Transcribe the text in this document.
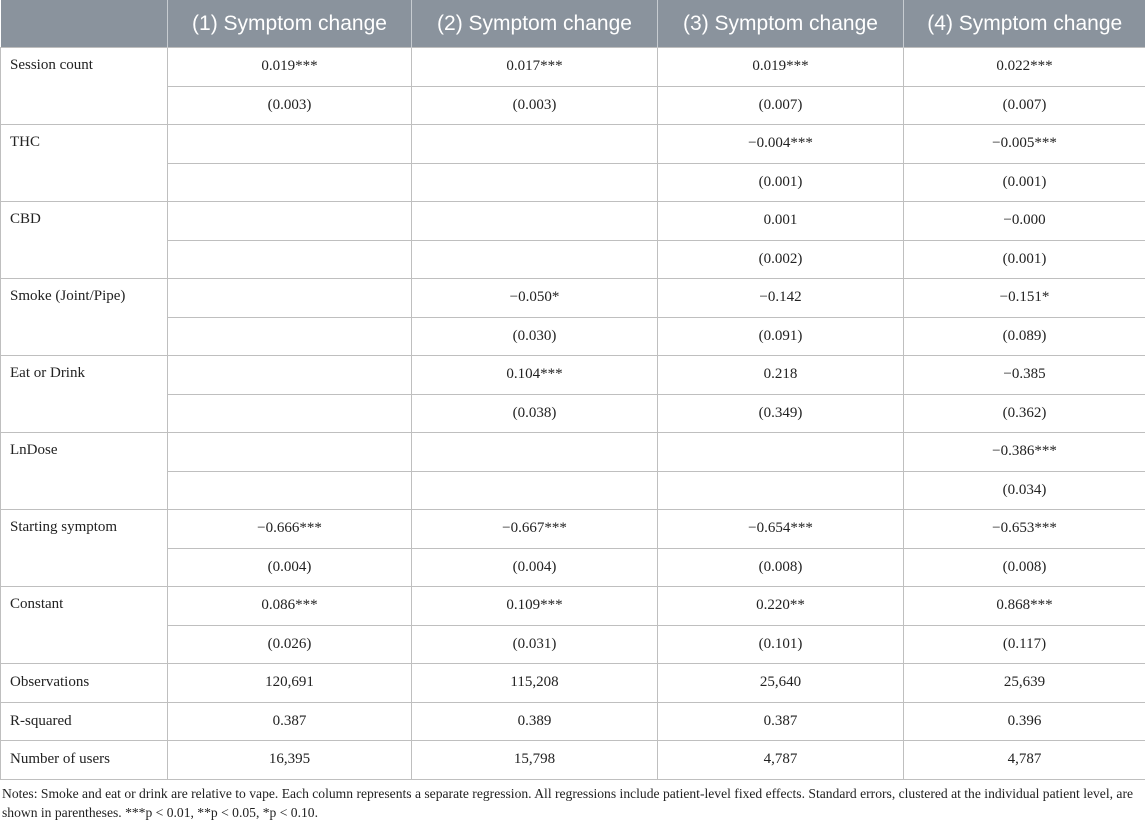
	(1) Symptom change	(2) Symptom change	(3) Symptom change	(4) Symptom change
Session count	0.019***	0.017***	0.019***	0.022***
	(0.003)	(0.003)	(0.007)	(0.007)
THC			−0.004***	−0.005***
			(0.001)	(0.001)
CBD			0.001	−0.000
			(0.002)	(0.001)
Smoke (Joint/Pipe)		−0.050*	−0.142	−0.151*
		(0.030)	(0.091)	(0.089)
Eat or Drink		0.104***	0.218	−0.385
		(0.038)	(0.349)	(0.362)
LnDose				−0.386***
				(0.034)
Starting symptom	−0.666***	−0.667***	−0.654***	−0.653***
	(0.004)	(0.004)	(0.008)	(0.008)
Constant	0.086***	0.109***	0.220**	0.868***
	(0.026)	(0.031)	(0.101)	(0.117)
Observations	120,691	115,208	25,640	25,639
R-squared	0.387	0.389	0.387	0.396
Number of users	16,395	15,798	4,787	4,787
Notes: Smoke and eat or drink are relative to vape. Each column represents a separate regression. All regressions include patient-level fixed effects. Standard errors, clustered at the individual patient level, are shown in parentheses. ***p < 0.01, **p < 0.05, *p < 0.10.
